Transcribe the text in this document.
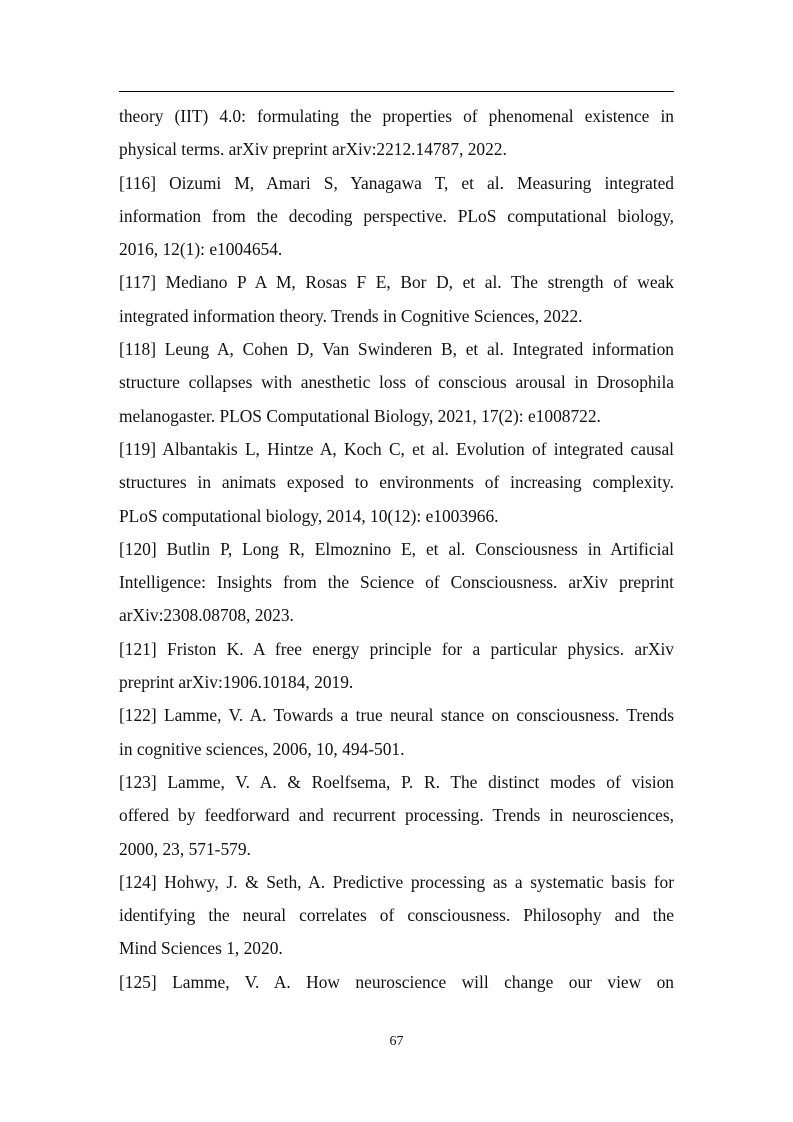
theory (IIT) 4.0: formulating the properties of phenomenal existence in
physical terms. arXiv preprint arXiv:2212.14787, 2022.
[116] Oizumi M, Amari S, Yanagawa T, et al. Measuring integrated
information from the decoding perspective. PLoS computational biology,
2016, 12(1): e1004654.
[117] Mediano P A M, Rosas F E, Bor D, et al. The strength of weak
integrated information theory. Trends in Cognitive Sciences, 2022.
[118] Leung A, Cohen D, Van Swinderen B, et al. Integrated information
structure collapses with anesthetic loss of conscious arousal in Drosophila
melanogaster. PLOS Computational Biology, 2021, 17(2): e1008722.
[119] Albantakis L, Hintze A, Koch C, et al. Evolution of integrated causal
structures in animats exposed to environments of increasing complexity.
PLoS computational biology, 2014, 10(12): e1003966.
[120] Butlin P, Long R, Elmoznino E, et al. Consciousness in Artificial
Intelligence: Insights from the Science of Consciousness. arXiv preprint
arXiv:2308.08708, 2023.
[121] Friston K. A free energy principle for a particular physics. arXiv
preprint arXiv:1906.10184, 2019.
[122] Lamme, V. A. Towards a true neural stance on consciousness. Trends
in cognitive sciences, 2006, 10, 494-501.
[123] Lamme, V. A. & Roelfsema, P. R. The distinct modes of vision
offered by feedforward and recurrent processing. Trends in neurosciences,
2000, 23, 571-579.
[124] Hohwy, J. & Seth, A. Predictive processing as a systematic basis for
identifying the neural correlates of consciousness. Philosophy and the
Mind Sciences 1, 2020.
[125] Lamme, V. A. How neuroscience will change our view on
67
